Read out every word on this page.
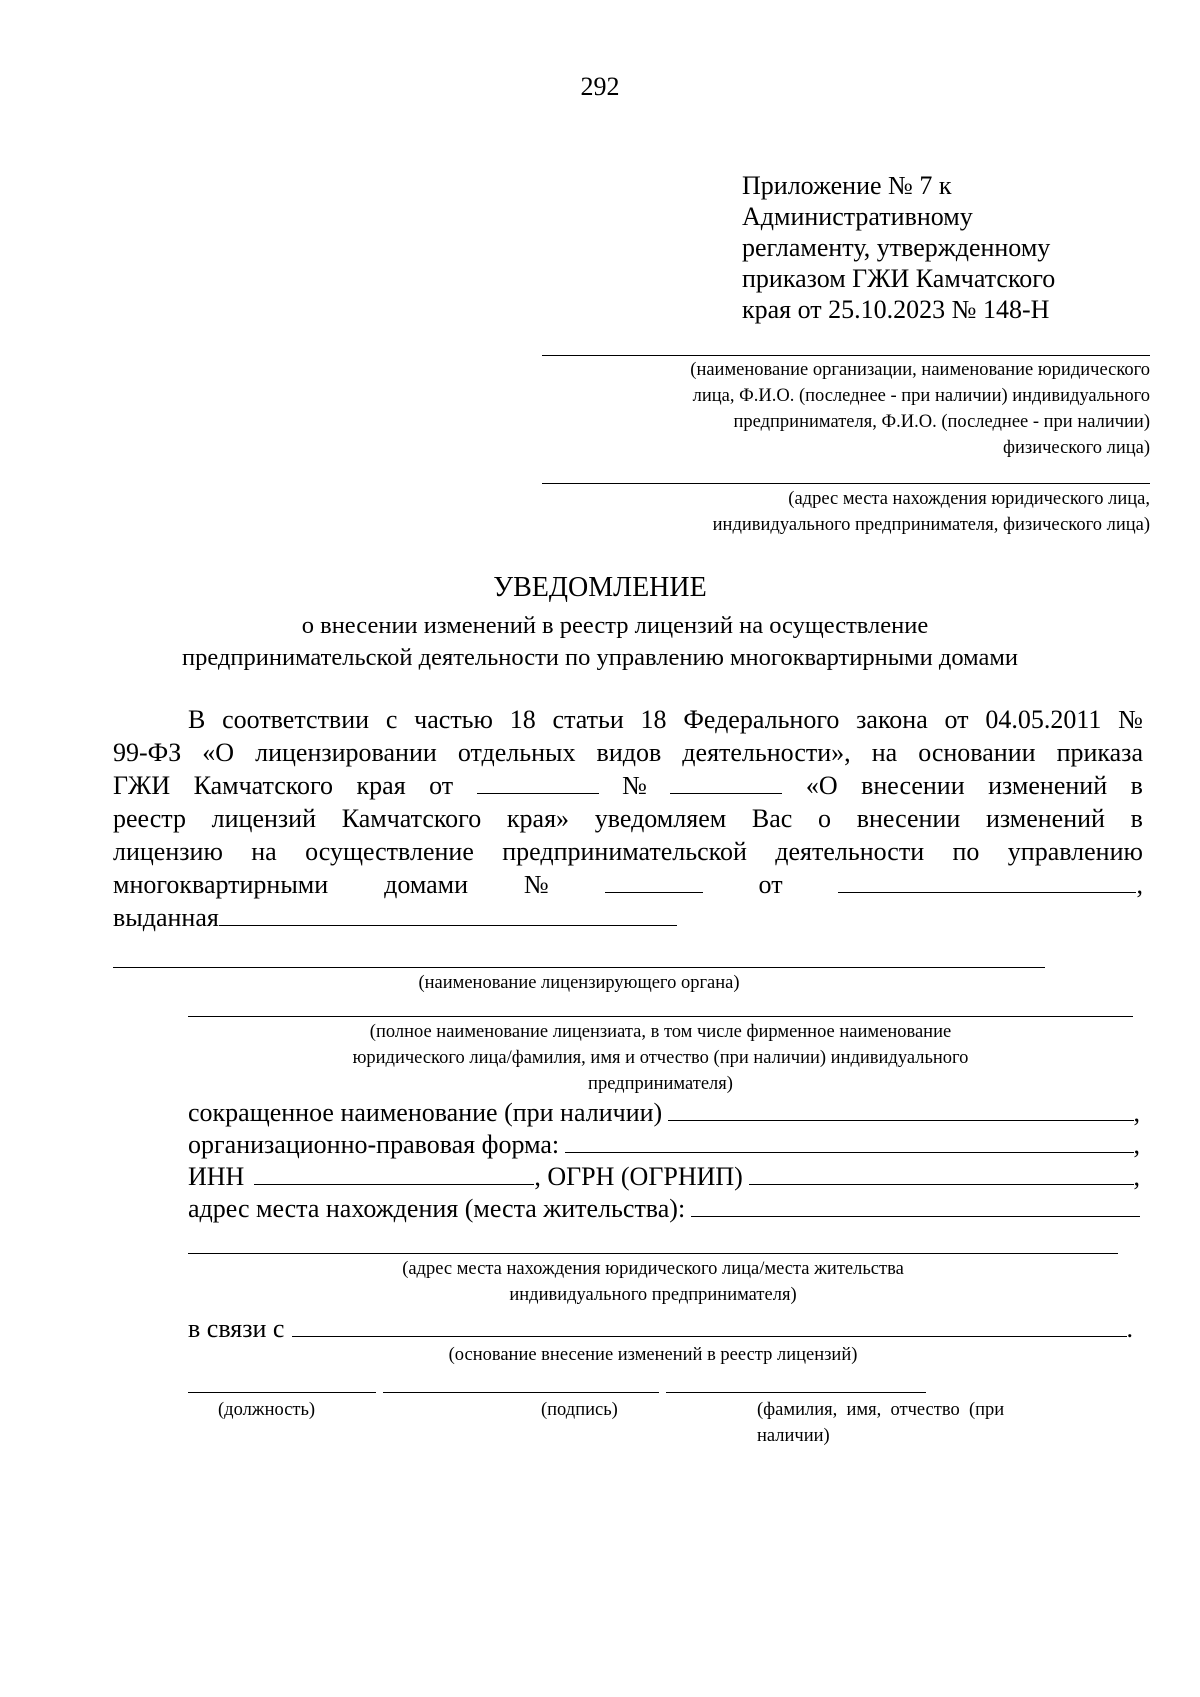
292
Приложение № 7 к
Административному
регламенту, утвержденному
приказом ГЖИ Камчатского
края от 25.10.2023 № 148-Н
(наименование организации, наименование юридического
лица, Ф.И.О. (последнее - при наличии) индивидуального
предпринимателя, Ф.И.О. (последнее - при наличии)
физического лица)
(адрес места нахождения юридического лица,
индивидуального предпринимателя, физического лица)
УВЕДОМЛЕНИЕ
о внесении изменений в реестр лицензий на осуществление
предпринимательской деятельности по управлению многоквартирными домами
В соответствии с частью 18 статьи 18 Федерального закона от 04.05.2011 №
99-ФЗ «О лицензировании отдельных видов деятельности», на основании приказа
ГЖИ Камчатского края от	№	«О внесении изменений в
реестр лицензий Камчатского края» уведомляем Вас о внесении изменений в
лицензию на осуществление предпринимательской деятельности по управлению
многоквартирными домами №	от	,
выданная
(наименование лицензирующего органа)
(полное наименование лицензиата, в том числе фирменное наименование
юридического лица/фамилия, имя и отчество (при наличии) индивидуального
предпринимателя)
сокращенное наименование (при наличии)	,
организационно-правовая форма:	,
ИНН	, ОГРН (ОГРНИП)	,
адрес места нахождения (места жительства):
(адрес места нахождения юридического лица/места жительства
индивидуального предпринимателя)
в связи с	.
(основание внесение изменений в реестр лицензий)
(должность)	(подпись)	(фамилия,  имя,  отчество  (при
наличии)
